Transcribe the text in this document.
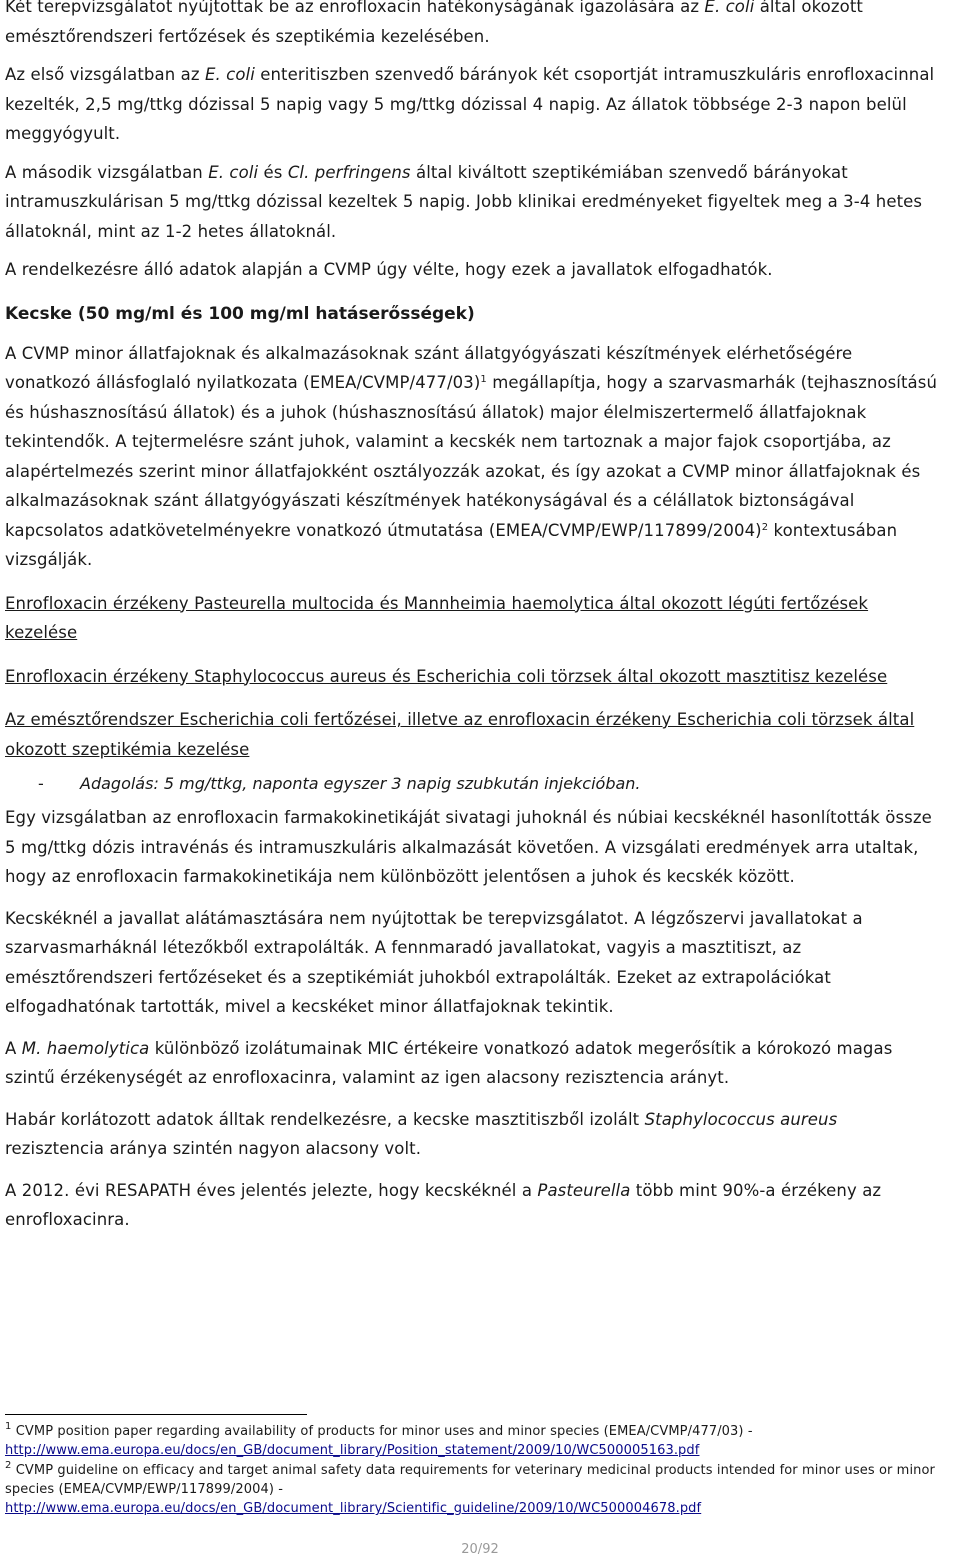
Két terepvizsgálatot nyújtottak be az enrofloxacin hatékonyságának igazolására az E. coli által okozott emésztőrendszeri fertőzések és szeptikémia kezelésében.

Az első vizsgálatban az E. coli enteritiszben szenvedő bárányok két csoportját intramuszkuláris enrofloxacinnal kezelték, 2,5 mg/ttkg dózissal 5 napig vagy 5 mg/ttkg dózissal 4 napig. Az állatok többsége 2-3 napon belül meggyógyult.

A második vizsgálatban E. coli és Cl. perfringens által kiváltott szeptikémiában szenvedő bárányokat intramuszkulárisan 5 mg/ttkg dózissal kezeltek 5 napig. Jobb klinikai eredményeket figyeltek meg a 3-4 hetes állatoknál, mint az 1-2 hetes állatoknál.

A rendelkezésre álló adatok alapján a CVMP úgy vélte, hogy ezek a javallatok elfogadhatók.

Kecske (50 mg/ml és 100 mg/ml hatáserősségek)

A CVMP minor állatfajoknak és alkalmazásoknak szánt állatgyógyászati készítmények elérhetőségére vonatkozó állásfoglaló nyilatkozata (EMEA/CVMP/477/03)$^1$ megállapítja, hogy a szarvasmarhák (tejhasznosítású és húshasznosítású állatok) és a juhok (húshasznosítású állatok) major élelmiszertermelő állatfajoknak tekintendők. A tejtermelésre szánt juhok, valamint a kecskék nem tartoznak a major fajok csoportjába, az alapértelmezés szerint minor állatfajokként osztályozzák azokat, és így azokat a CVMP minor állatfajoknak és alkalmazásoknak szánt állatgyógyászati készítmények hatékonyságával és a célállatok biztonságával kapcsolatos adatkövetelményekre vonatkozó útmutatása (EMEA/CVMP/EWP/117899/2004)$^2$ kontextusában vizsgálják.

Enrofloxacin érzékeny Pasteurella multocida és Mannheimia haemolytica által okozott légúti fertőzések kezelése

Enrofloxacin érzékeny Staphylococcus aureus és Escherichia coli törzsek által okozott masztitisz kezelése

Az emésztőrendszer Escherichia coli fertőzései, illetve az enrofloxacin érzékeny Escherichia coli törzsek által okozott szeptikémia kezelése

-	Adagolás: 5 mg/ttkg, naponta egyszer 3 napig szubkután injekcióban.

Egy vizsgálatban az enrofloxacin farmakokinetikáját sivatagi juhoknál és núbiai kecskéknél hasonlították össze 5 mg/ttkg dózis intravénás és intramuszkuláris alkalmazását követően. A vizsgálati eredmények arra utaltak, hogy az enrofloxacin farmakokinetikája nem különbözött jelentősen a juhok és kecskék között.

Kecskéknél a javallat alátámasztására nem nyújtottak be terepvizsgálatot. A légzőszervi javallatokat a szarvasmarháknál létezőkből extrapolálták. A fennmaradó javallatokat, vagyis a masztitiszt, az emésztőrendszeri fertőzéseket és a szeptikémiát juhokból extrapolálták. Ezeket az extrapolációkat elfogadhatónak tartották, mivel a kecskéket minor állatfajoknak tekintik.

A M. haemolytica különböző izolátumainak MIC értékeire vonatkozó adatok megerősítik a kórokozó magas szintű érzékenységét az enrofloxacinra, valamint az igen alacsony rezisztencia arányt.

Habár korlátozott adatok álltak rendelkezésre, a kecske masztitiszből izolált Staphylococcus aureus rezisztencia aránya szintén nagyon alacsony volt.

A 2012. évi RESAPATH éves jelentés jelezte, hogy kecskéknél a Pasteurella több mint 90%-a érzékeny az enrofloxacinra.

$^1$ CVMP position paper regarding availability of products for minor uses and minor species (EMEA/CVMP/477/03) -
http://www.ema.europa.eu/docs/en_GB/document_library/Position_statement/2009/10/WC500005163.pdf

$^2$ CVMP guideline on efficacy and target animal safety data requirements for veterinary medicinal products intended for minor uses or minor species (EMEA/CVMP/EWP/117899/2004) -
http://www.ema.europa.eu/docs/en_GB/document_library/Scientific_guideline/2009/10/WC500004678.pdf

20/92
